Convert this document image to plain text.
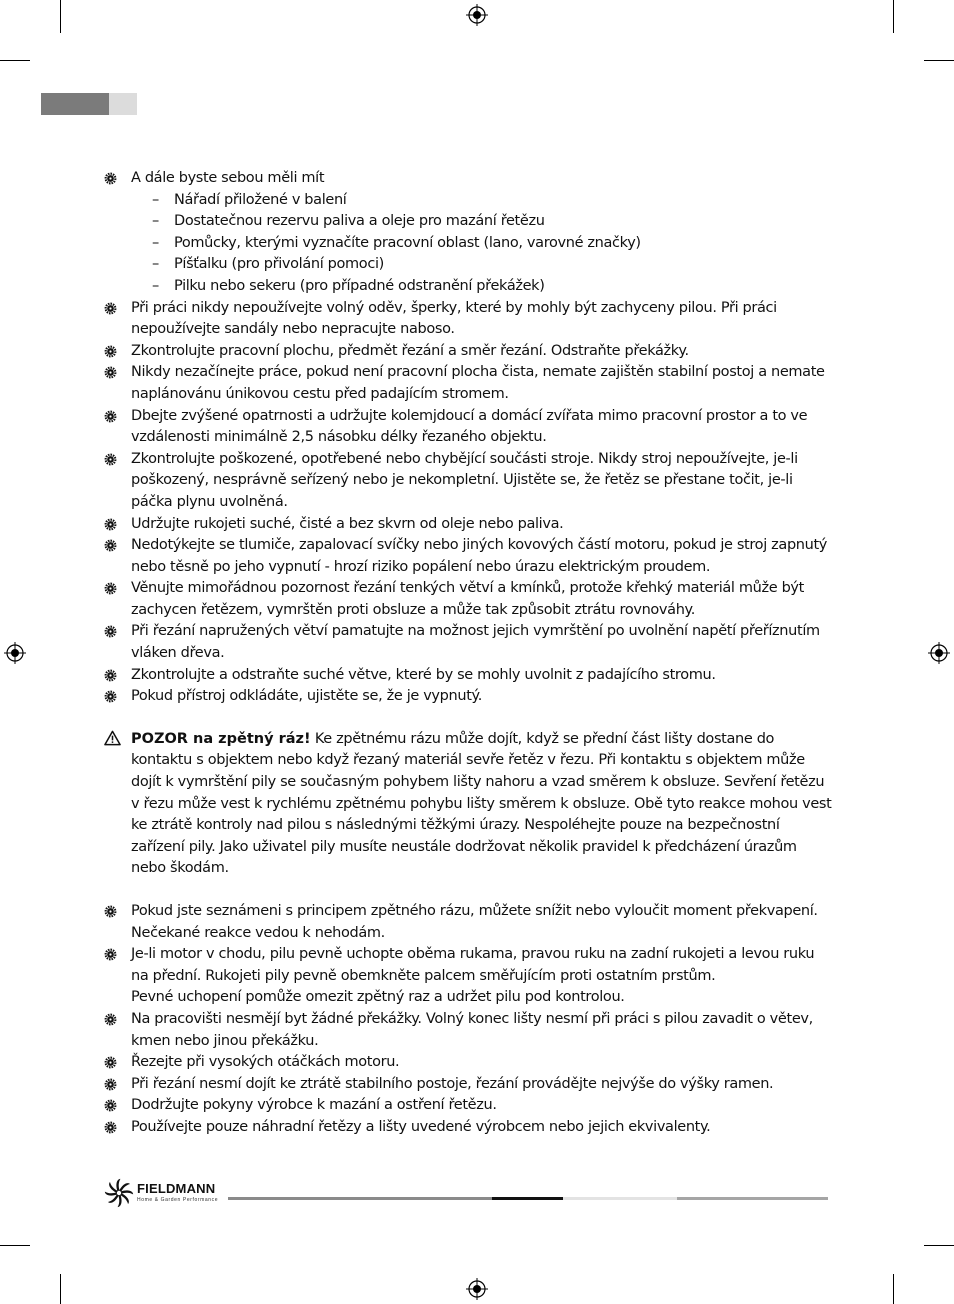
A dále byste sebou měli mít
– Nářadí přiložené v balení
– Dostatečnou rezervu paliva a oleje pro mazání řetězu
– Pomůcky, kterými vyznačíte pracovní oblast (lano, varovné značky)
– Píšťalku (pro přivolání pomoci)
– Pilku nebo sekeru (pro případné odstranění překážek)
Při práci nikdy nepoužívejte volný oděv, šperky, které by mohly být zachyceny pilou. Při práci nepoužívejte sandály nebo nepracujte naboso.
Zkontrolujte pracovní plochu, předmět řezání a směr řezání. Odstraňte překážky.
Nikdy nezačínejte práce, pokud není pracovní plocha čista, nemate zajištěn stabilní postoj a nemate naplánovánu únikovou cestu před padajícím stromem.
Dbejte zvýšené opatrnosti a udržujte kolemjdoucí a domácí zvířata mimo pracovní prostor a to ve vzdálenosti minimálně 2,5 násobku délky řezaného objektu.
Zkontrolujte poškozené, opotřebené nebo chybějící součásti stroje. Nikdy stroj nepoužívejte, je-li poškozený, nesprávně seřízený nebo je nekompletní. Ujistěte se, že řetěz se přestane točit, je-li páčka plynu uvolněná.
Udržujte rukojeti suché, čisté a bez skvrn od oleje nebo paliva.
Nedotýkejte se tlumiče, zapalovací svíčky nebo jiných kovových částí motoru, pokud je stroj zapnutý nebo těsně po jeho vypnutí - hrozí riziko popálení nebo úrazu elektrickým proudem.
Věnujte mimořádnou pozornost řezání tenkých větví a kmínků, protože křehký materiál může být zachycen řetězem, vymrštěn proti obsluze a může tak způsobit ztrátu rovnováhy.
Při řezání napružených větví pamatujte na možnost jejich vymrštění po uvolnění napětí přeříznutím vláken dřeva.
Zkontrolujte a odstraňte suché větve, které by se mohly uvolnit z padajícího stromu.
Pokud přístroj odkládáte, ujistěte se, že je vypnutý.
POZOR na zpětný ráz! Ke zpětnému rázu může dojít, když se přední část lišty dostane do kontaktu s objektem nebo když řezaný materiál sevře řetěz v řezu. Při kontaktu s objektem může dojít k vymrštění pily se současným pohybem lišty nahoru a vzad směrem k obsluze. Sevření řetězu v řezu může vest k rychlému zpětnému pohybu lišty směrem k obsluze. Obě tyto reakce mohou vest ke ztrátě kontroly nad pilou s následnými těžkými úrazy. Nespoléhejte pouze na bezpečnostní zařízení pily. Jako uživatel pily musíte neustále dodržovat několik pravidel k předcházení úrazům nebo škodám.
Pokud jste seznámeni s principem zpětného rázu, můžete snížit nebo vyloučit moment překvapení. Nečekané reakce vedou k nehodám.
Je-li motor v chodu, pilu pevně uchopte oběma rukama, pravou ruku na zadní rukojeti a levou ruku na přední. Rukojeti pily pevně obemkněte palcem směřujícím proti ostatním prstům.
Pevné uchopení pomůže omezit zpětný raz a udržet pilu pod kontrolou.
Na pracovišti nesmějí byt žádné překážky. Volný konec lišty nesmí při práci s pilou zavadit o větev, kmen nebo jinou překážku.
Řezejte při vysokých otáčkách motoru.
Při řezání nesmí dojít ke ztrátě stabilního postoje, řezání provádějte nejvýše do výšky ramen.
Dodržujte pokyny výrobce k mazání a ostření řetězu.
Používejte pouze náhradní řetězy a lišty uvedené výrobcem nebo jejich ekvivalenty.
FIELDMANN
Home & Garden Performance
